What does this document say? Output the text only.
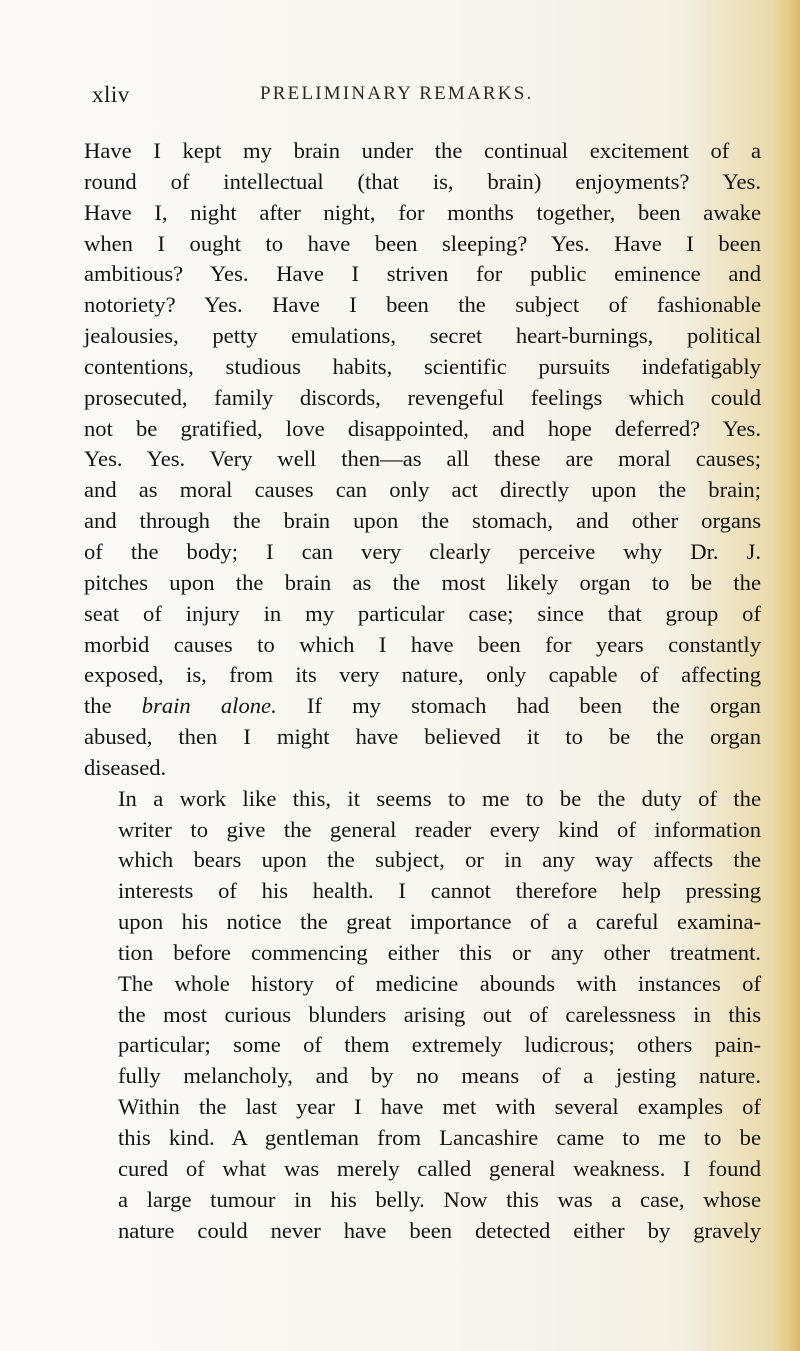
xliv	PRELIMINARY REMARKS.

Have I kept my brain under the continual excitement of a
round of intellectual (that is, brain) enjoyments? Yes.
Have I, night after night, for months together, been awake
when I ought to have been sleeping? Yes. Have I been
ambitious? Yes. Have I striven for public eminence and
notoriety? Yes. Have I been the subject of fashionable
jealousies, petty emulations, secret heart-burnings, political
contentions, studious habits, scientific pursuits indefatigably
prosecuted, family discords, revengeful feelings which could
not be gratified, love disappointed, and hope deferred? Yes.
Yes. Yes. Very well then—as all these are moral causes;
and as moral causes can only act directly upon the brain;
and through the brain upon the stomach, and other organs
of the body; I can very clearly perceive why Dr. J.
pitches upon the brain as the most likely organ to be the
seat of injury in my particular case; since that group of
morbid causes to which I have been for years constantly
exposed, is, from its very nature, only capable of affecting
the brain alone. If my stomach had been the organ
abused, then I might have believed it to be the organ
diseased.

In a work like this, it seems to me to be the duty of the
writer to give the general reader every kind of information
which bears upon the subject, or in any way affects the
interests of his health. I cannot therefore help pressing
upon his notice the great importance of a careful examina-
tion before commencing either this or any other treatment.
The whole history of medicine abounds with instances of
the most curious blunders arising out of carelessness in this
particular; some of them extremely ludicrous; others pain-
fully melancholy, and by no means of a jesting nature.
Within the last year I have met with several examples of
this kind. A gentleman from Lancashire came to me to be
cured of what was merely called general weakness. I found
a large tumour in his belly. Now this was a case, whose
nature could never have been detected either by gravely
